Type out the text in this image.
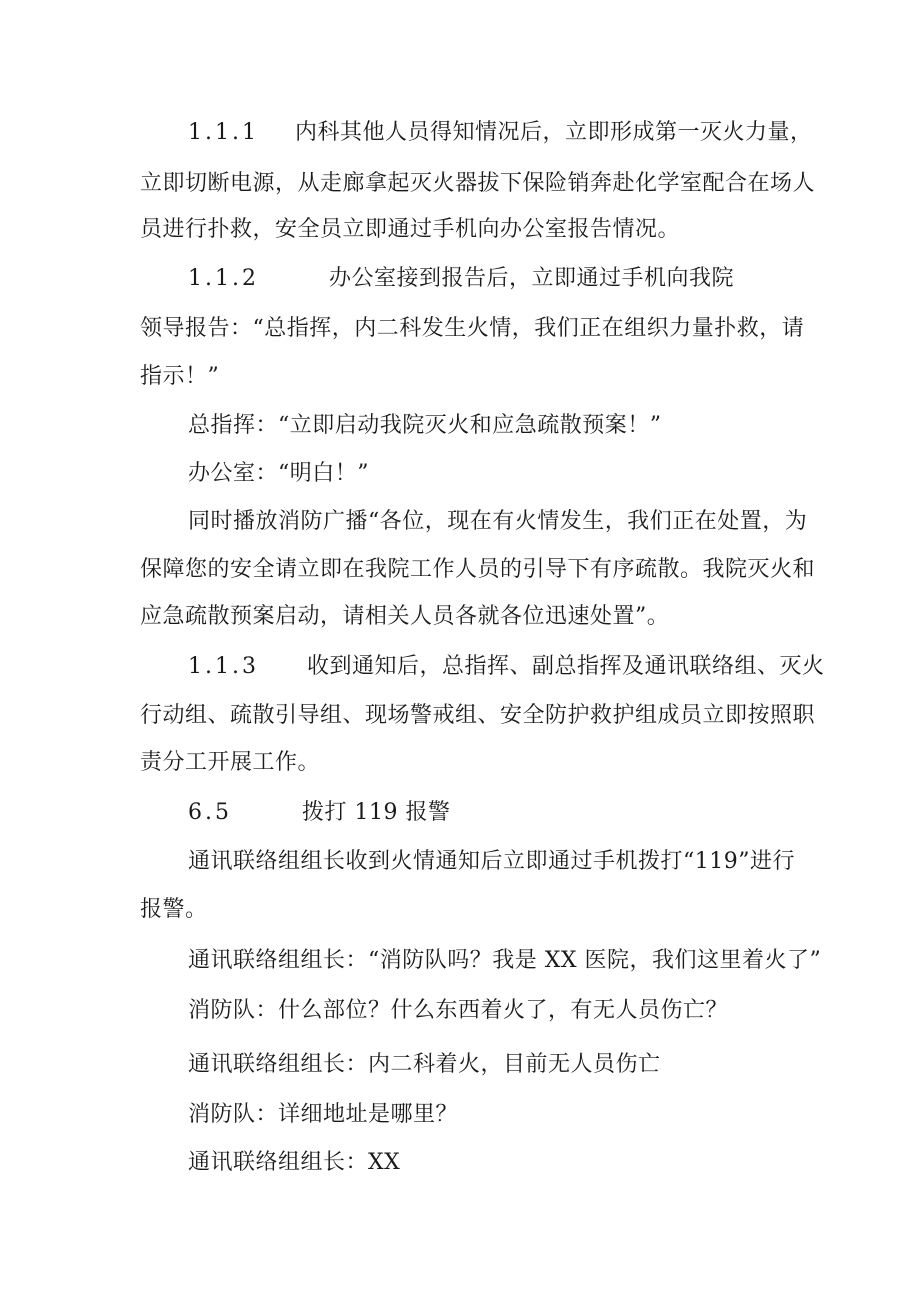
1.1.1 内科其他人员得知情况后，立即形成第一灭火力量，
立即切断电源，从走廊拿起灭火器拔下保险销奔赴化学室配合在场人
员进行扑救，安全员立即通过手机向办公室报告情况。
1.1.2	办公室接到报告后，立即通过手机向我院
领导报告：“总指挥，内二科发生火情，我们正在组织力量扑救，请
指示！”
总指挥：“立即启动我院灭火和应急疏散预案！”
办公室：“明白！”
同时播放消防广播“各位，现在有火情发生，我们正在处置，为
保障您的安全请立即在我院工作人员的引导下有序疏散。我院灭火和
应急疏散预案启动，请相关人员各就各位迅速处置”。
1.1.3 收到通知后，总指挥、副总指挥及通讯联络组、灭火
行动组、疏散引导组、现场警戒组、安全防护救护组成员立即按照职
责分工开展工作。
6.5	拨打 119 报警
通讯联络组组长收到火情通知后立即通过手机拨打“119”进行
报警。
通讯联络组组长：“消防队吗？我是 XX 医院，我们这里着火了”
消防队：什么部位？什么东西着火了，有无人员伤亡？
通讯联络组组长：内二科着火，目前无人员伤亡
消防队：详细地址是哪里？
通讯联络组组长：XX
